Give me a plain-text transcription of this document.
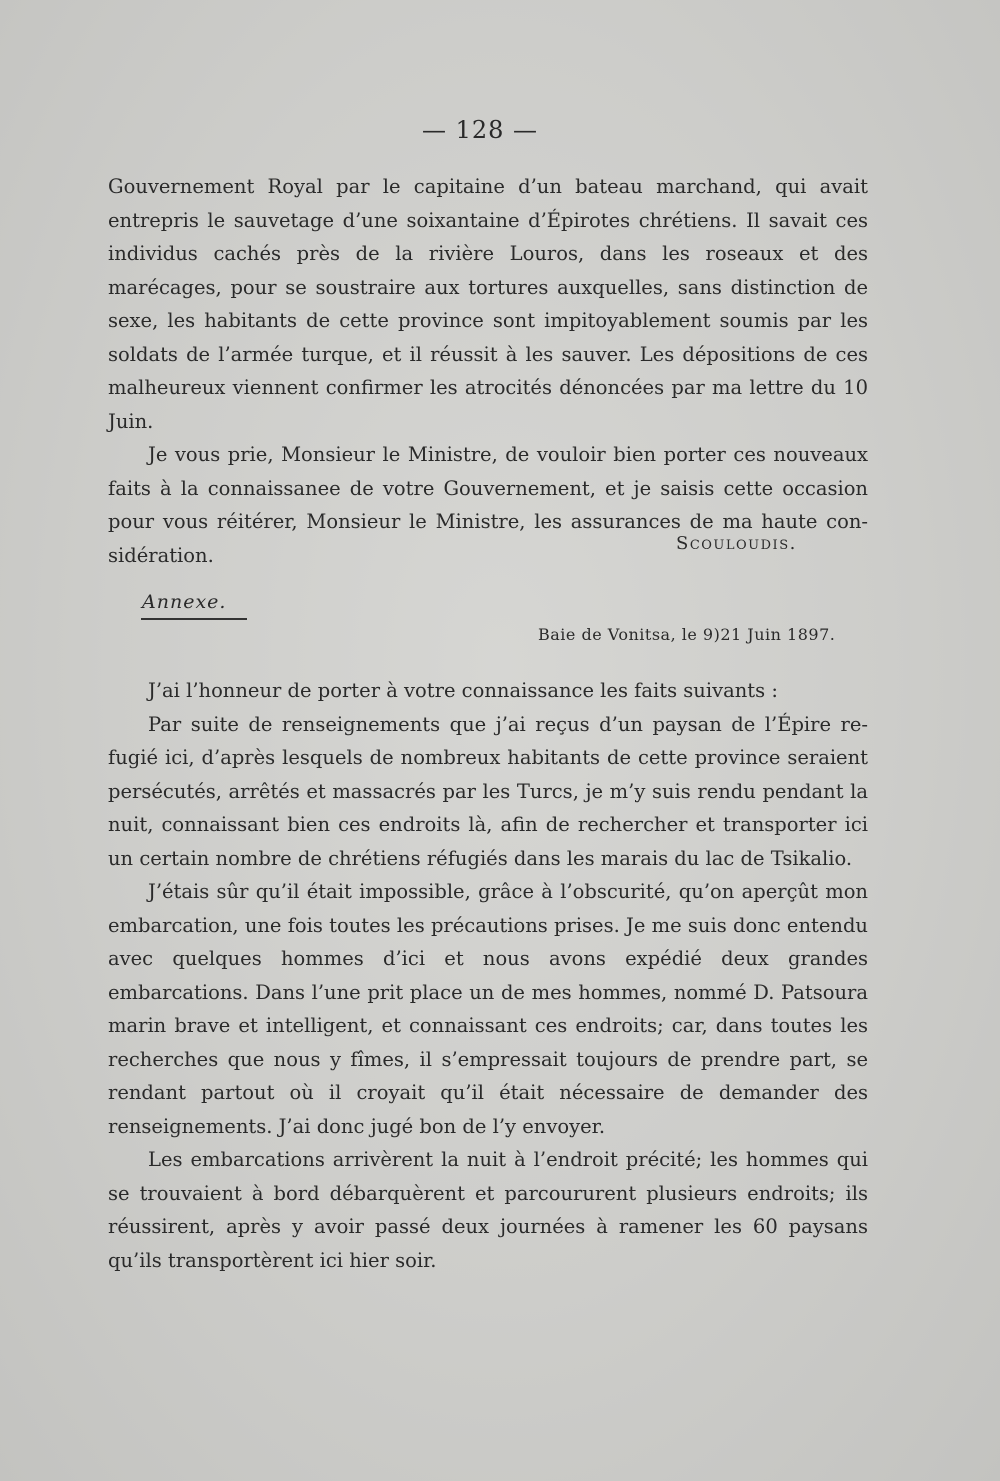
— 128 —

Gouvernement Royal par le capitaine d’un bateau marchand, qui avait entrepris le sauvetage d’une soixantaine d’Épirotes chrétiens. Il savait ces individus cachés près de la rivière Louros, dans les roseaux et des marécages, pour se soustraire aux tortures auxquelles, sans distinction de sexe, les habitants de cette province sont impitoyablement soumis par les soldats de l’armée turque, et il réussit à les sauver. Les dépositions de ces malheureux viennent confirmer les atrocités dénoncées par ma lettre du 10 Juin.

Je vous prie, Monsieur le Ministre, de vouloir bien porter ces nouveaux faits à la connaissanee de votre Gouvernement, et je saisis cette occasion pour vous réitérer, Monsieur le Ministre, les assurances de ma haute considération.	Scouloudis.
Annexe.
Baie de Vonitsa, le 9)21 Juin 1897.

J’ai l’honneur de porter à votre connaissance les faits suivants :

Par suite de renseignements que j’ai reçus d’un paysan de l’Épire refugié ici, d’après lesquels de nombreux habitants de cette province seraient persécutés, arrêtés et massacrés par les Turcs, je m’y suis rendu pendant la nuit, connaissant bien ces endroits là, afin de rechercher et transporter ici un certain nombre de chrétiens réfugiés dans les marais du lac de Tsikalio.

J’étais sûr qu’il était impossible, grâce à l’obscurité, qu’on aperçût mon embarcation, une fois toutes les précautions prises. Je me suis donc entendu avec quelques hommes d’ici et nous avons expédié deux grandes embarcations. Dans l’une prit place un de mes hommes, nommé D. Patsoura marin brave et intelligent, et connaissant ces endroits; car, dans toutes les recherches que nous y fîmes, il s’empressait toujours de prendre part, se rendant partout où il croyait qu’il était nécessaire de demander des renseignements. J’ai donc jugé bon de l’y envoyer.

Les embarcations arrivèrent la nuit à l’endroit précité; les hommes qui se trouvaient à bord débarquèrent et parcoururent plusieurs endroits; ils réussirent, après y avoir passé deux journées à ramener les 60 paysans qu’ils transportèrent ici hier soir.
